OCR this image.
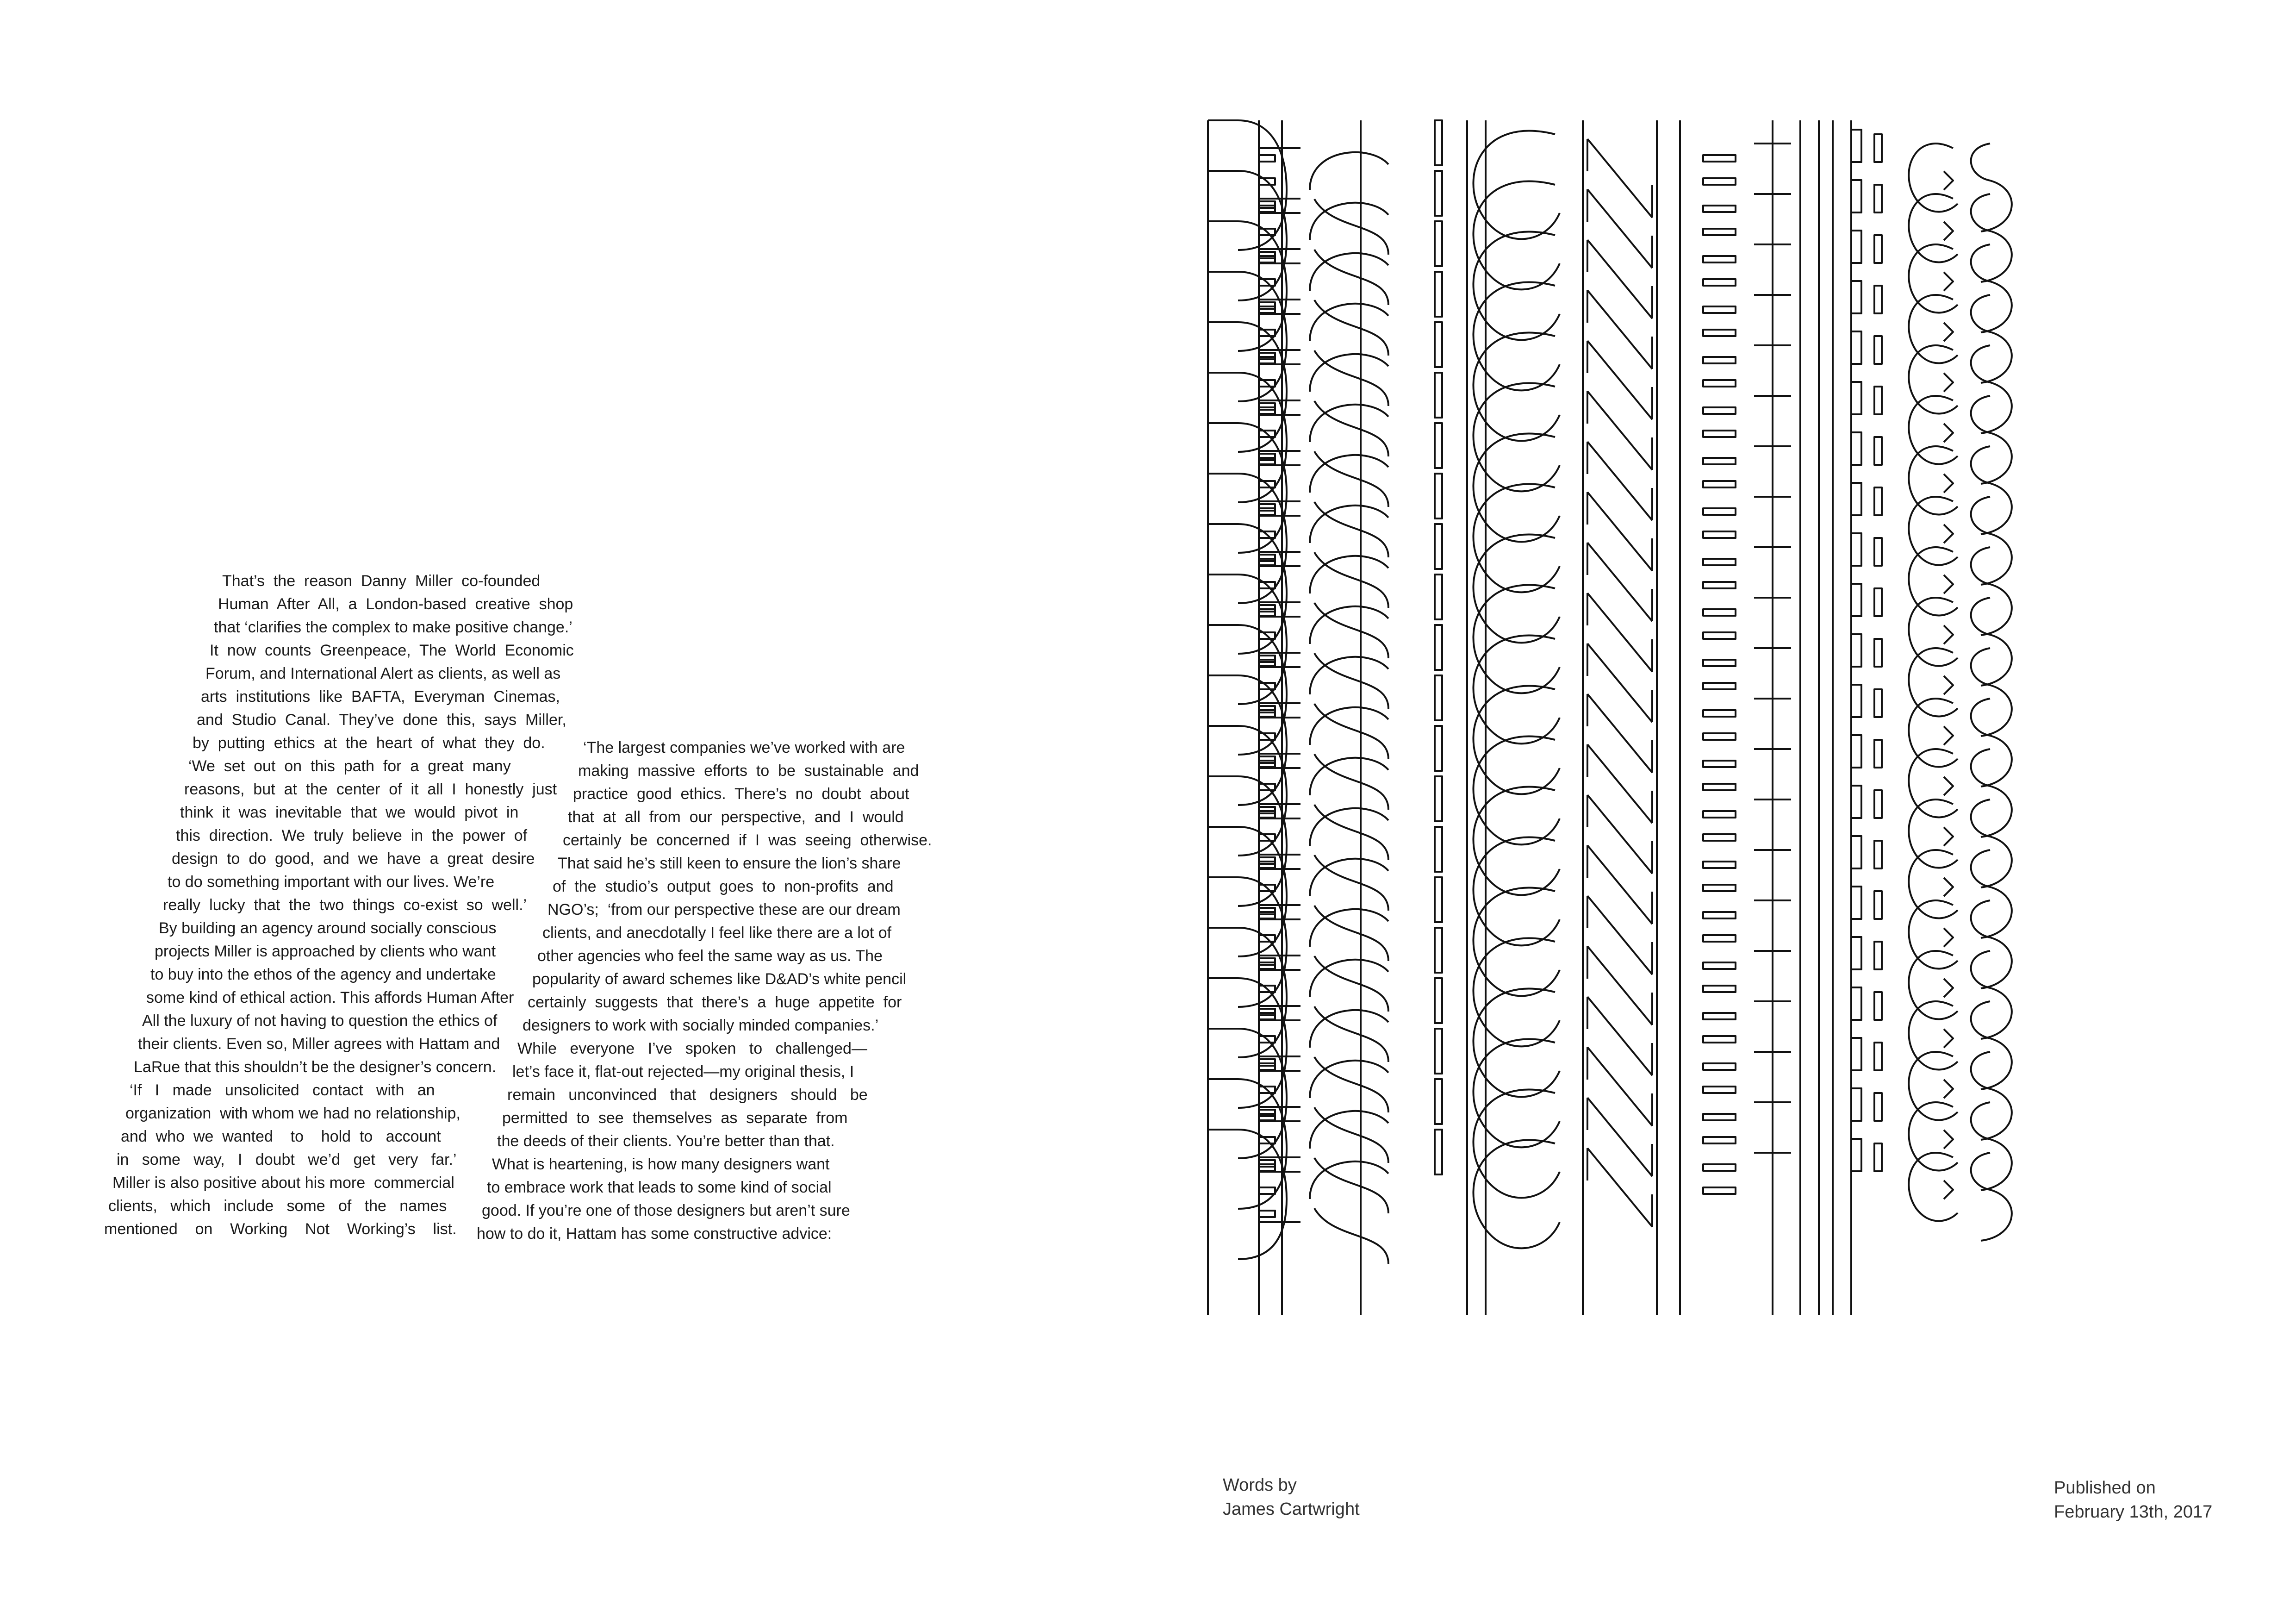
That’s  the  reason  Danny  Miller  co-founded
Human  After  All,  a  London-based  creative  shop
that ‘clarifies the complex to make positive change.’
It  now  counts  Greenpeace,  The  World  Economic
Forum, and International Alert as clients, as well as
arts  institutions  like  BAFTA,  Everyman  Cinemas,
and  Studio  Canal.  They’ve  done  this,  says  Miller,
by  putting  ethics  at  the  heart  of  what  they  do.
‘We  set  out  on  this  path  for  a  great  many
reasons,  but  at  the  center  of  it  all  I  honestly  just
think  it  was  inevitable  that  we  would  pivot  in
this  direction.  We  truly  believe  in  the  power  of
design  to  do  good,  and  we  have  a  great  desire
to do something important with our lives. We’re
really  lucky  that  the  two  things  co-exist  so  well.’
By building an agency around socially conscious
projects Miller is approached by clients who want
to buy into the ethos of the agency and undertake
some kind of ethical action. This affords Human After
All the luxury of not having to question the ethics of
their clients. Even so, Miller agrees with Hattam and
LaRue that this shouldn’t be the designer’s concern.
‘If   I   made   unsolicited   contact   with   an
organization  with whom we had no relationship,
and  who  we  wanted    to    hold  to   account
in   some   way,   I   doubt   we’d   get   very   far.’
Miller is also positive about his more  commercial
clients,   which   include   some   of   the   names
mentioned    on    Working    Not    Working’s    list.
‘The largest companies we’ve worked with are
making  massive  efforts  to  be  sustainable  and
practice  good  ethics.  There’s  no  doubt  about
that  at  all  from  our  perspective,  and  I  would
certainly  be  concerned  if  I  was  seeing  otherwise.
That said he’s still keen to ensure the lion’s share
of  the  studio’s  output  goes  to  non-profits  and
NGO’s;  ‘from our perspective these are our dream
clients, and anecdotally I feel like there are a lot of
other agencies who feel the same way as us. The
popularity of award schemes like D&AD’s white pencil
certainly  suggests  that  there’s  a  huge  appetite  for
designers to work with socially minded companies.’
While   everyone   I’ve   spoken   to   challenged—
let’s face it, flat-out rejected—my original thesis, I
remain   unconvinced   that   designers   should   be
permitted  to  see  themselves  as  separate  from
the deeds of their clients. You’re better than that.
What is heartening, is how many designers want
to embrace work that leads to some kind of social
good. If you’re one of those designers but aren’t sure
how to do it, Hattam has some constructive advice:
Words by
James Cartwright
Published on
February 13th, 2017
